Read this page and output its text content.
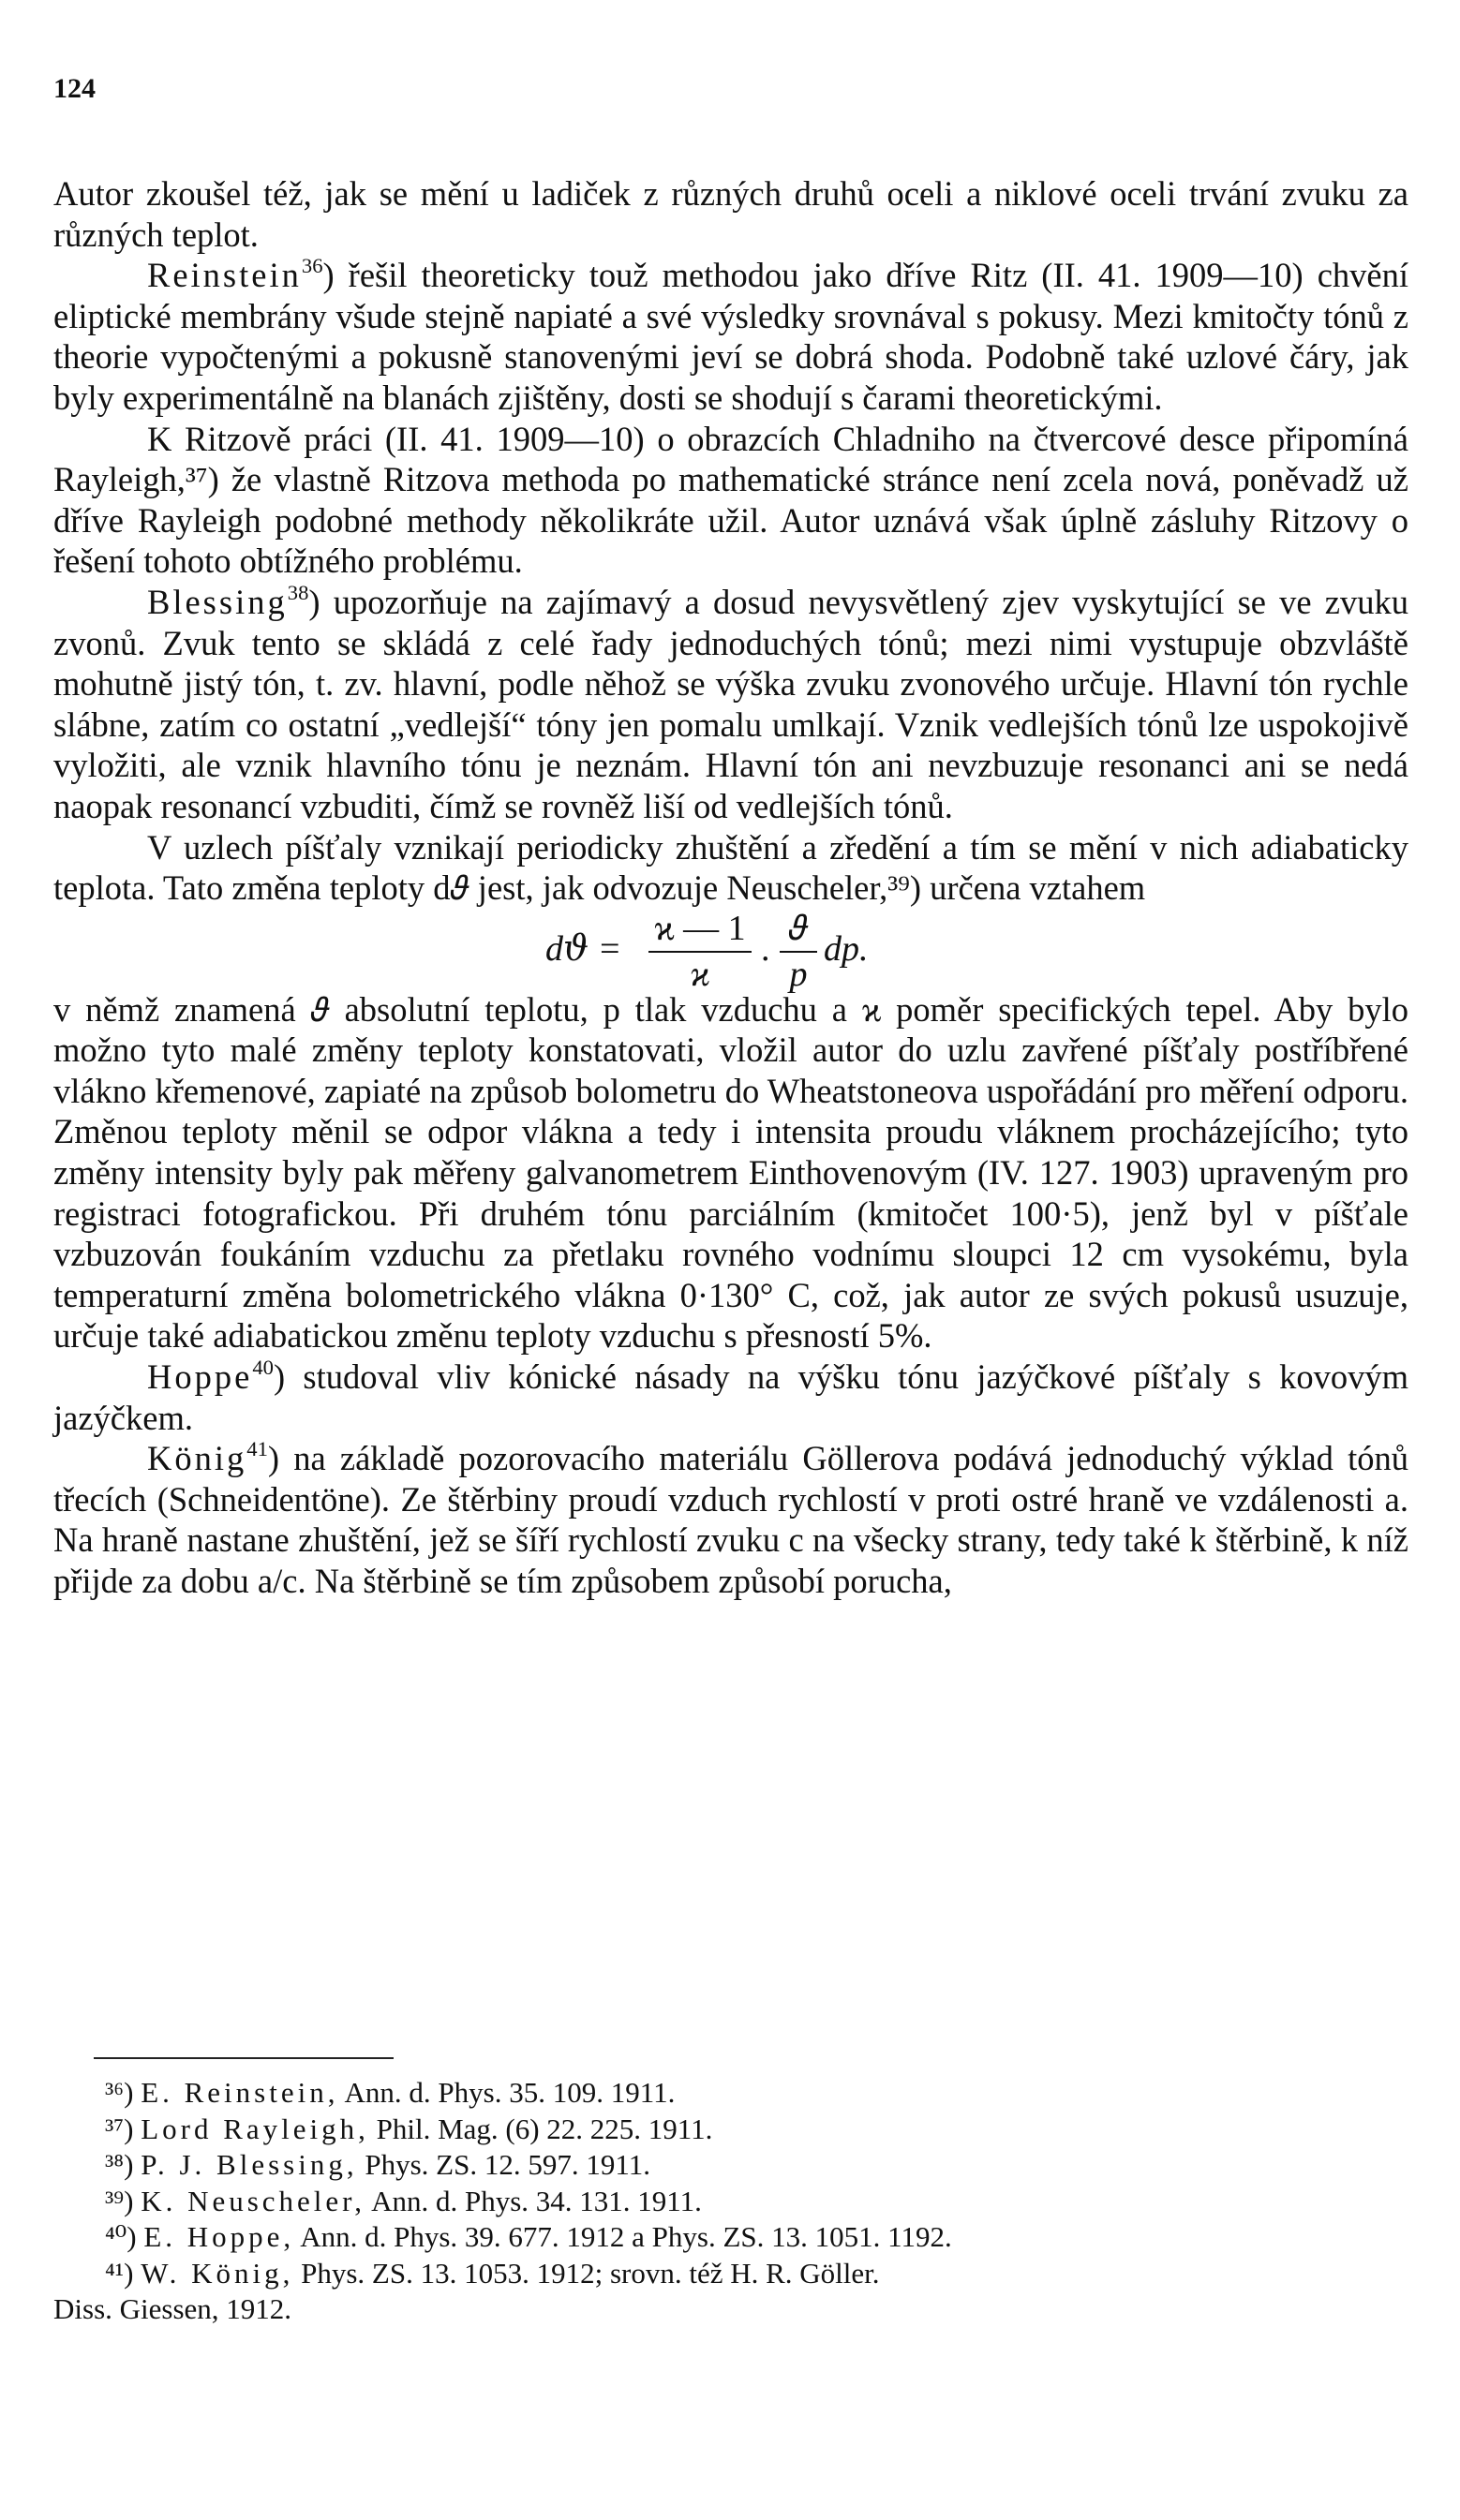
124

Autor zkoušel též, jak se mění u ladiček z různých druhů oceli a niklové oceli trvání zvuku za různých teplot.

Reinstein$^{36}$) řešil theoreticky touž methodou jako dříve Ritz (II. 41. 1909—10) chvění eliptické membrány všude stejně napiaté a své výsledky srovnával s pokusy. Mezi kmitočty tónů z theorie vypočtenými a pokusně stanovenými jeví se dobrá shoda. Podobně také uzlové čáry, jak byly experimentálně na blanách zjištěny, dosti se shodují s čarami theoretickými.

K Ritzově práci (II. 41. 1909—10) o obrazcích Chladniho na čtvercové desce připomíná Rayleigh,³⁷) že vlastně Ritzova methoda po mathematické stránce není zcela nová, poněvadž už dříve Rayleigh podobné methody několikráte užil. Autor uznává však úplně zásluhy Ritzovy o řešení tohoto obtížného problému.

Blessing$^{38}$) upozorňuje na zajímavý a dosud nevysvětlený zjev vyskytující se ve zvuku zvonů. Zvuk tento se skládá z celé řady jednoduchých tónů; mezi nimi vystupuje obzvláště mohutně jistý tón, t. zv. hlavní, podle něhož se výška zvuku zvonového určuje. Hlavní tón rychle slábne, zatím co ostatní „vedlejší“ tóny jen pomalu umlkají. Vznik vedlejších tónů lze uspokojivě vyložiti, ale vznik hlavního tónu je neznám. Hlavní tón ani nevzbuzuje resonanci ani se nedá naopak resonancí vzbuditi, čímž se rovněž liší od vedlejších tónů.

V uzlech píšťaly vznikají periodicky zhuštění a zředění a tím se mění v nich adiabaticky teplota. Tato změna teploty d𝜗 jest, jak odvozuje Neuscheler,³⁹) určena vztahem

d𝜗 = $\frac{ϰ — 1}{ϰ}$ .
𝜗
p
dp.

v němž znamená 𝜗 absolutní teplotu, p tlak vzduchu a ϰ poměr specifických tepel. Aby bylo možno tyto malé změny teploty konstatovati, vložil autor do uzlu zavřené píšťaly postříbřené vlákno křemenové, zapiaté na způsob bolometru do Wheatstoneova uspořádání pro měření odporu. Změnou teploty měnil se odpor vlákna a tedy i intensita proudu vláknem procházejícího; tyto změny intensity byly pak měřeny galvanometrem Einthovenovým (IV. 127. 1903) upraveným pro registraci fotografickou. Při druhém tónu parciálním (kmitočet 100·5), jenž byl v píšťale vzbuzován foukáním vzduchu za přetlaku rovného vodnímu sloupci 12 cm vysokému, byla temperaturní změna bolometrického vlákna 0·130° C, což, jak autor ze svých pokusů usuzuje, určuje také adiabatickou změnu teploty vzduchu s přesností 5%.

Hoppe$^{40}$) studoval vliv kónické násady na výšku tónu jazýčkové píšťaly s kovovým jazýčkem.

König$^{41}$) na základě pozorovacího materiálu Göllerova podává jednoduchý výklad tónů třecích (Schneidentöne). Ze štěrbiny proudí vzduch rychlostí v proti ostré hraně ve vzdálenosti a. Na hraně nastane zhuštění, jež se šíří rychlostí zvuku c na všecky strany, tedy také k štěrbině, k níž přijde za dobu a/c. Na štěrbině se tím způsobem způsobí porucha,

³⁶) E. Reinstein, Ann. d. Phys. 35. 109. 1911.

³⁷) Lord Rayleigh, Phil. Mag. (6) 22. 225. 1911.

³⁸) P. J. Blessing, Phys. ZS. 12. 597. 1911.

³⁹) K. Neuscheler, Ann. d. Phys. 34. 131. 1911.

⁴⁰) E. Hoppe, Ann. d. Phys. 39. 677. 1912 a Phys. ZS. 13. 1051. 1192.

⁴¹) W. König, Phys. ZS. 13. 1053. 1912; srovn. též H. R. Göller.

Diss. Giessen, 1912.
